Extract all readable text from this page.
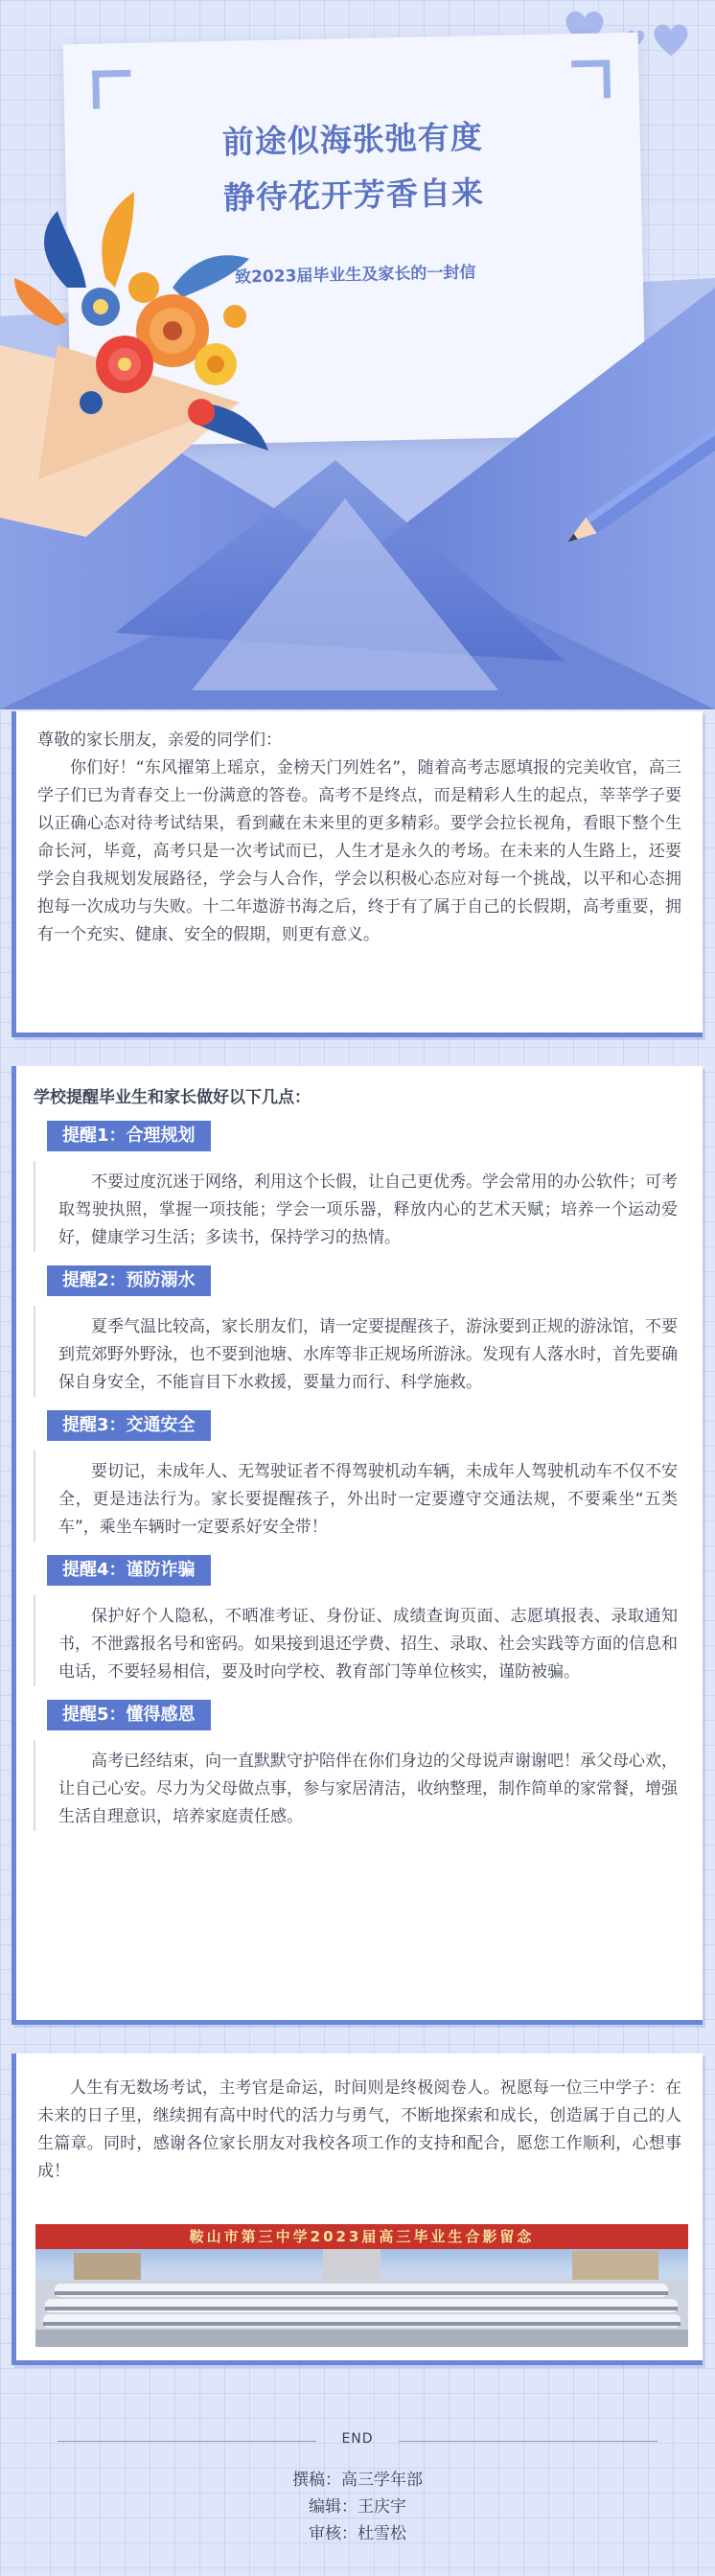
前途似海张弛有度
静待花开芳香自来
致2023届毕业生及家长的一封信

尊敬的家长朋友，亲爱的同学们：

你们好！“东风擢第上瑶京，金榜天门列姓名”，随着高考志愿填报的完美收官，高三学子们已为青春交上一份满意的答卷。高考不是终点，而是精彩人生的起点，莘莘学子要以正确心态对待考试结果，看到藏在未来里的更多精彩。要学会拉长视角，看眼下整个生命长河，毕竟，高考只是一次考试而已，人生才是永久的考场。在未来的人生路上，还要学会自我规划发展路径，学会与人合作，学会以积极心态应对每一个挑战，以平和心态拥抱每一次成功与失败。十二年遨游书海之后，终于有了属于自己的长假期，高考重要，拥有一个充实、健康、安全的假期，则更有意义。

学校提醒毕业生和家长做好以下几点：
提醒1：合理规划

不要过度沉迷于网络，利用这个长假，让自己更优秀。学会常用的办公软件；可考取驾驶执照，掌握一项技能；学会一项乐器，释放内心的艺术天赋；培养一个运动爱好，健康学习生活；多读书，保持学习的热情。

提醒2：预防溺水

夏季气温比较高，家长朋友们，请一定要提醒孩子，游泳要到正规的游泳馆，不要到荒郊野外野泳，也不要到池塘、水库等非正规场所游泳。发现有人落水时，首先要确保自身安全，不能盲目下水救援，要量力而行、科学施救。

提醒3：交通安全

要切记，未成年人、无驾驶证者不得驾驶机动车辆，未成年人驾驶机动车不仅不安全，更是违法行为。家长要提醒孩子，外出时一定要遵守交通法规，不要乘坐“五类车”，乘坐车辆时一定要系好安全带！

提醒4：谨防诈骗

保护好个人隐私，不晒准考证、身份证、成绩查询页面、志愿填报表、录取通知书，不泄露报名号和密码。如果接到退还学费、招生、录取、社会实践等方面的信息和电话，不要轻易相信，要及时向学校、教育部门等单位核实，谨防被骗。

提醒5：懂得感恩

高考已经结束，向一直默默守护陪伴在你们身边的父母说声谢谢吧！承父母心欢，让自己心安。尽力为父母做点事，参与家居清洁，收纳整理，制作简单的家常餐，增强生活自理意识，培养家庭责任感。

人生有无数场考试，主考官是命运，时间则是终极阅卷人。祝愿每一位三中学子：在未来的日子里，继续拥有高中时代的活力与勇气，不断地探索和成长，创造属于自己的人生篇章。同时，感谢各位家长朋友对我校各项工作的支持和配合，愿您工作顺利，心想事成！

鞍山市第三中学2023届高三毕业生合影留念
END
撰稿：高三学年部
编辑：王庆宇
审核：杜雪松
